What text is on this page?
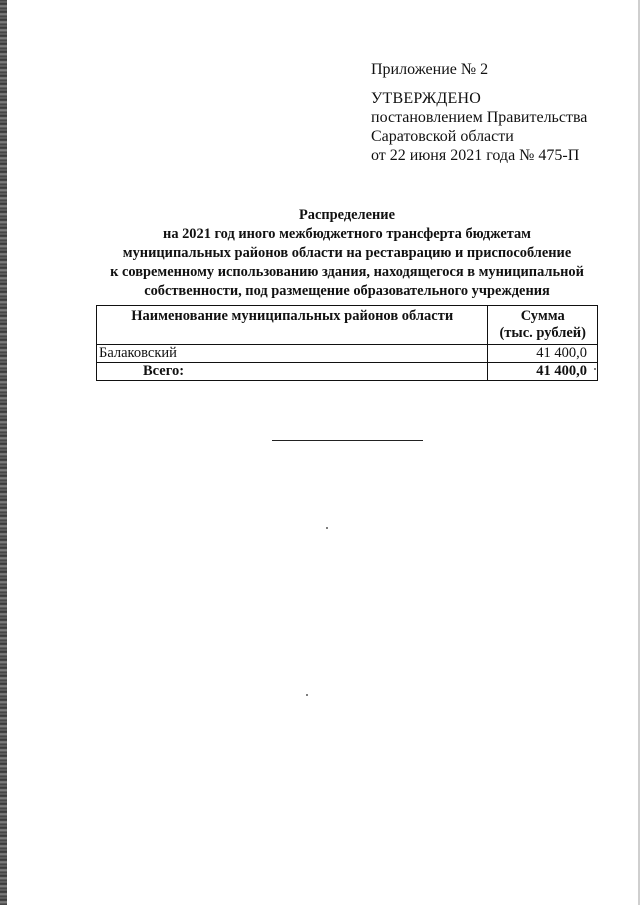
Приложение № 2
УТВЕРЖДЕНО
постановлением Правительства
Саратовской области
от 22 июня 2021 года № 475-П
Распределение
на 2021 год иного межбюджетного трансферта бюджетам
муниципальных районов области на реставрацию и приспособление
к современному использованию здания, находящегося в муниципальной
собственности, под размещение образовательного учреждения
Наименование муниципальных районов области	Сумма
(тыс. рублей)

Балаковский	41 400,0
Всего:	41 400,0
